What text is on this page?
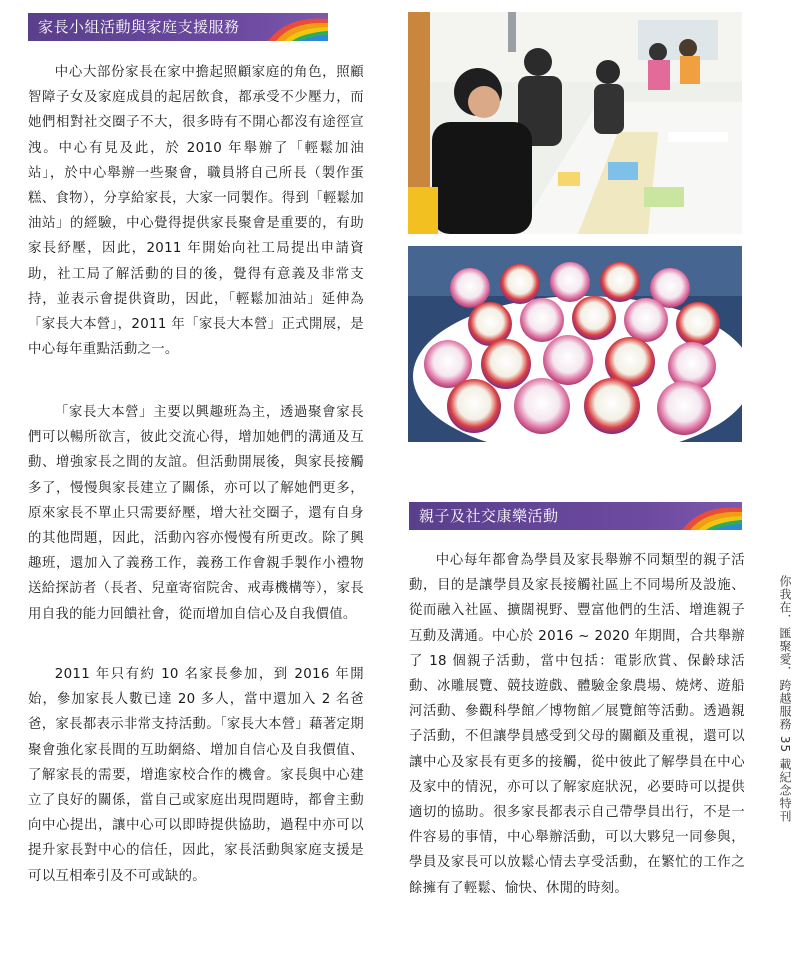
家長小組活動與家庭支援服務

中心大部份家長在家中擔起照顧家庭的角色，照顧智障子女及家庭成員的起居飲食，都承受不少壓力，而她們相對社交圈子不大，很多時有不開心都沒有途徑宣洩。中心有見及此，於 2010 年舉辦了「輕鬆加油站」，於中心舉辦一些聚會，職員將自己所長（製作蛋糕、食物），分享給家長，大家一同製作。得到「輕鬆加油站」的經驗，中心覺得提供家長聚會是重要的，有助家長紓壓，因此，2011 年開始向社工局提出申請資助，社工局了解活動的目的後，覺得有意義及非常支持，並表示會提供資助，因此，「輕鬆加油站」延伸為「家長大本營」，2011 年「家長大本營」正式開展，是中心每年重點活動之一。

「家長大本營」主要以興趣班為主，透過聚會家長們可以暢所欲言，彼此交流心得，增加她們的溝通及互動、增強家長之間的友誼。但活動開展後，與家長接觸多了，慢慢與家長建立了關係，亦可以了解她們更多，原來家長不單止只需要紓壓，增大社交圈子，還有自身的其他問題，因此，活動內容亦慢慢有所更改。除了興趣班，還加入了義務工作，義務工作會親手製作小禮物送給探訪者（長者、兒童寄宿院舍、戒毒機構等），家長用自我的能力回饋社會，從而增加自信心及自我價值。

2011 年只有約 10 名家長參加，到 2016 年開始，參加家長人數已達 20 多人，當中還加入 2 名爸爸，家長都表示非常支持活動。「家長大本營」藉著定期聚會強化家長間的互助網絡、增加自信心及自我價值、了解家長的需要，增進家校合作的機會。家長與中心建立了良好的關係，當自己或家庭出現問題時，都會主動向中心提出，讓中心可以即時提供協助，過程中亦可以提升家長對中心的信任，因此，家長活動與家庭支援是可以互相牽引及不可或缺的。

親子及社交康樂活動

中心每年都會為學員及家長舉辦不同類型的親子活動，目的是讓學員及家長接觸社區上不同場所及設施、從而融入社區、擴闊視野、豐富他們的生活、增進親子互動及溝通。中心於 2016 ~ 2020 年期間，合共舉辦了 18 個親子活動，當中包括：電影欣賞、保齡球活動、冰雕展覽、競技遊戲、體驗金象農場、燒烤、遊船河活動、參觀科學館／博物館／展覽館等活動。透過親子活動，不但讓學員感受到父母的關顧及重視，還可以讓中心及家長有更多的接觸，從中彼此了解學員在中心及家中的情況，亦可以了解家庭狀況，必要時可以提供適切的協助。很多家長都表示自己帶學員出行，不是一件容易的事情，中心舉辦活動，可以大夥兒一同參與，學員及家長可以放鬆心情去享受活動，在繁忙的工作之餘擁有了輕鬆、愉快、休閒的時刻。

你我在．匯聚愛．跨越服務 35 載紀念特刊
